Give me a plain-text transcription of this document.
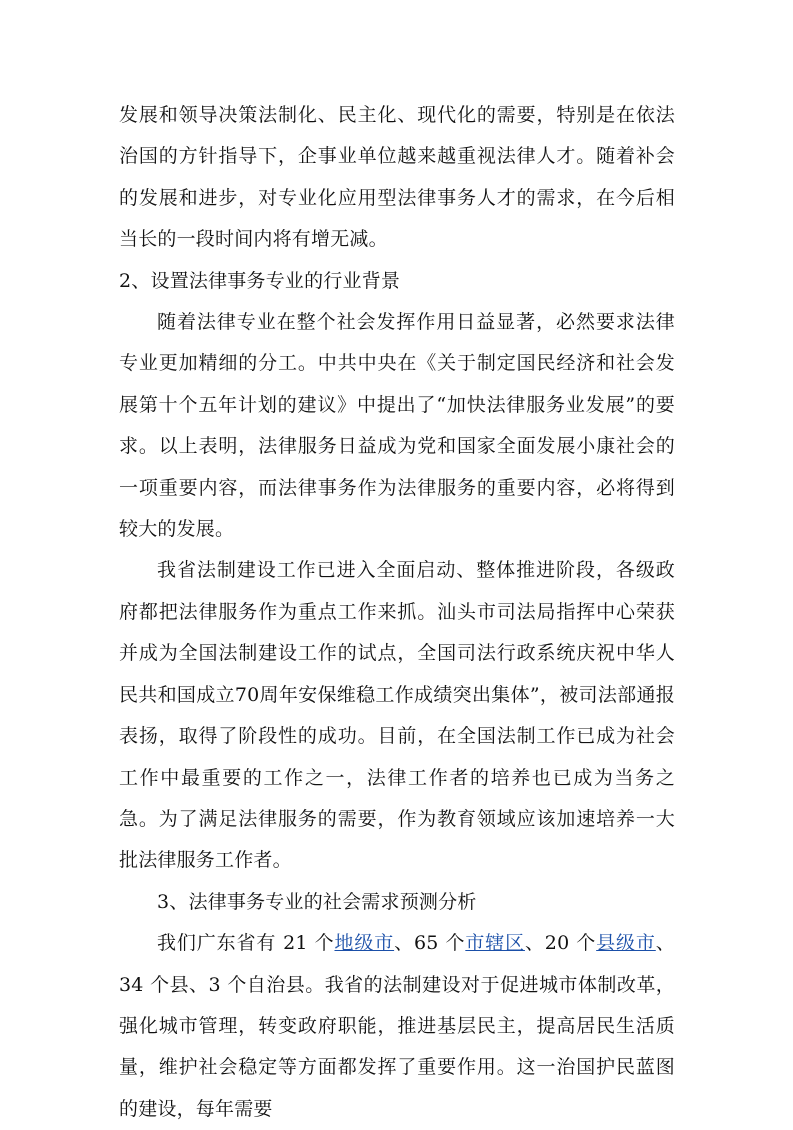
发展和领导决策法制化、民主化、现代化的需要，特别是在依法治国的方针指导下，企事业单位越来越重视法律人才。随着补会的发展和进步，对专业化应用型法律事务人才的需求，在今后相当长的一段时间内将有增无减。

2、设置法律事务专业的行业背景

随着法律专业在整个社会发挥作用日益显著，必然要求法律专业更加精细的分工。中共中央在《关于制定国民经济和社会发展第十个五年计划的建议》中提出了“加快法律服务业发展”的要求。以上表明，法律服务日益成为党和国家全面发展小康社会的一项重要内容，而法律事务作为法律服务的重要内容，必将得到较大的发展。

我省法制建设工作已进入全面启动、整体推进阶段，各级政府都把法律服务作为重点工作来抓。汕头市司法局指挥中心荣获并成为全国法制建设工作的试点，全国司法行政系统庆祝中华人民共和国成立70周年安保维稳工作成绩突出集体”，被司法部通报表扬，取得了阶段性的成功。目前，在全国法制工作已成为社会工作中最重要的工作之一，法律工作者的培养也已成为当务之急。为了满足法律服务的需要，作为教育领域应该加速培养一大批法律服务工作者。

3、法律事务专业的社会需求预测分析

我们广东省有 21 个地级市、65 个市辖区、20 个县级市、34 个县、3 个自治县。我省的法制建设对于促进城市体制改革，强化城市管理，转变政府职能，推进基层民主，提高居民生活质量，维护社会稳定等方面都发挥了重要作用。这一治国护民蓝图的建设，每年需要
